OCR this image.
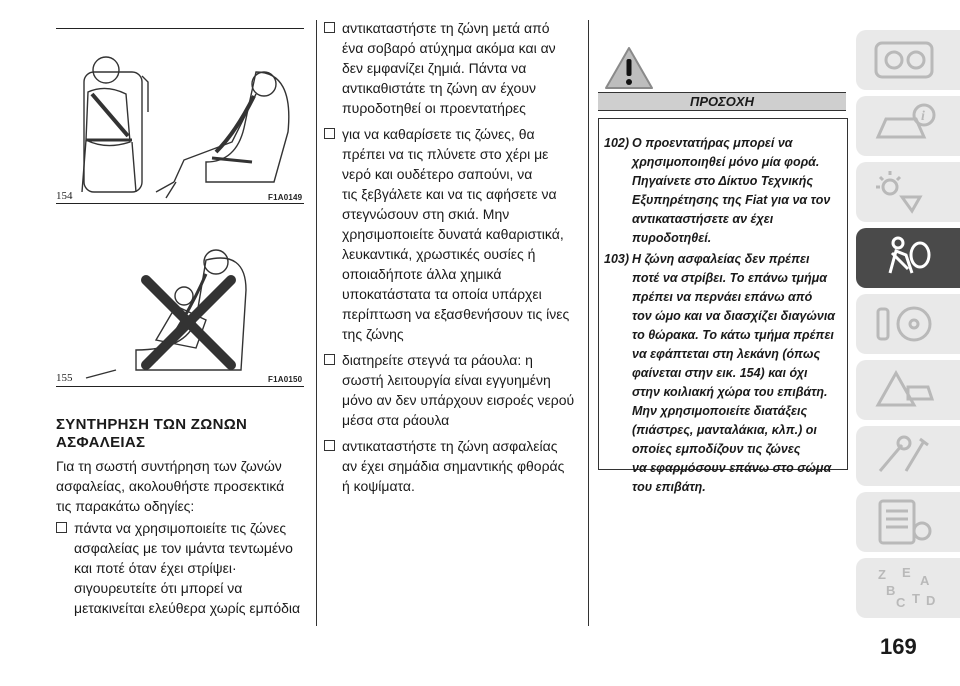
154	F1A0149
155	F1A0150
ΣΥΝΤΗΡΗΣΗ ΤΩΝ ΖΩΝΩΝ
ΑΣΦΑΛΕΙΑΣ
Για τη σωστή συντήρηση των ζωνών
ασφαλείας, ακολουθήστε προσεκτικά
τις παρακάτω οδηγίες:
πάντα να χρησιμοποιείτε τις ζώνες
ασφαλείας με τον ιμάντα τεντωμένο
και ποτέ όταν έχει στρίψει·
σιγουρευτείτε ότι μπορεί να
μετακινείται ελεύθερα χωρίς εμπόδια
αντικαταστήστε τη ζώνη μετά από
ένα σοβαρό ατύχημα ακόμα και αν
δεν εμφανίζει ζημιά. Πάντα να
αντικαθιστάτε τη ζώνη αν έχουν
πυροδοτηθεί οι προεντατήρες
για να καθαρίσετε τις ζώνες, θα
πρέπει να τις πλύνετε στο χέρι με
νερό και ουδέτερο σαπούνι, να
τις ξεβγάλετε και να τις αφήσετε να
στεγνώσουν στη σκιά. Μην
χρησιμοποιείτε δυνατά καθαριστικά,
λευκαντικά, χρωστικές ουσίες ή
οποιαδήποτε άλλα χημικά
υποκατάστατα τα οποία υπάρχει
περίπτωση να εξασθενήσουν τις ίνες
της ζώνης
διατηρείτε στεγνά τα ράουλα: η
σωστή λειτουργία είναι εγγυημένη
μόνο αν δεν υπάρχουν εισροές νερού
μέσα στα ράουλα
αντικαταστήστε τη ζώνη ασφαλείας
αν έχει σημάδια σημαντικής φθοράς
ή κοψίματα.
ΠΡΟΣΟΧΗ
102) Ο προεντατήρας μπορεί να
χρησιμοποιηθεί μόνο μία φορά.
Πηγαίνετε στο Δίκτυο Τεχνικής
Εξυπηρέτησης της Fiat για να τον
αντικαταστήσετε αν έχει
πυροδοτηθεί.
103) Η ζώνη ασφαλείας δεν πρέπει
ποτέ να στρίβει. Το επάνω τμήμα
πρέπει να περνάει επάνω από
τον ώμο και να διασχίζει διαγώνια
το θώρακα. Το κάτω τμήμα πρέπει
να εφάπτεται στη λεκάνη (όπως
φαίνεται στην εικ. 154) και όχι
στην κοιλιακή χώρα του επιβάτη.
Μην χρησιμοποιείτε διατάξεις
(πιάστρες, μανταλάκια, κλπ.) οι
οποίες εμποδίζουν τις ζώνες
να εφαρμόσουν επάνω στο σώμα
του επιβάτη.
i
Z E
A
B
C T D
169
